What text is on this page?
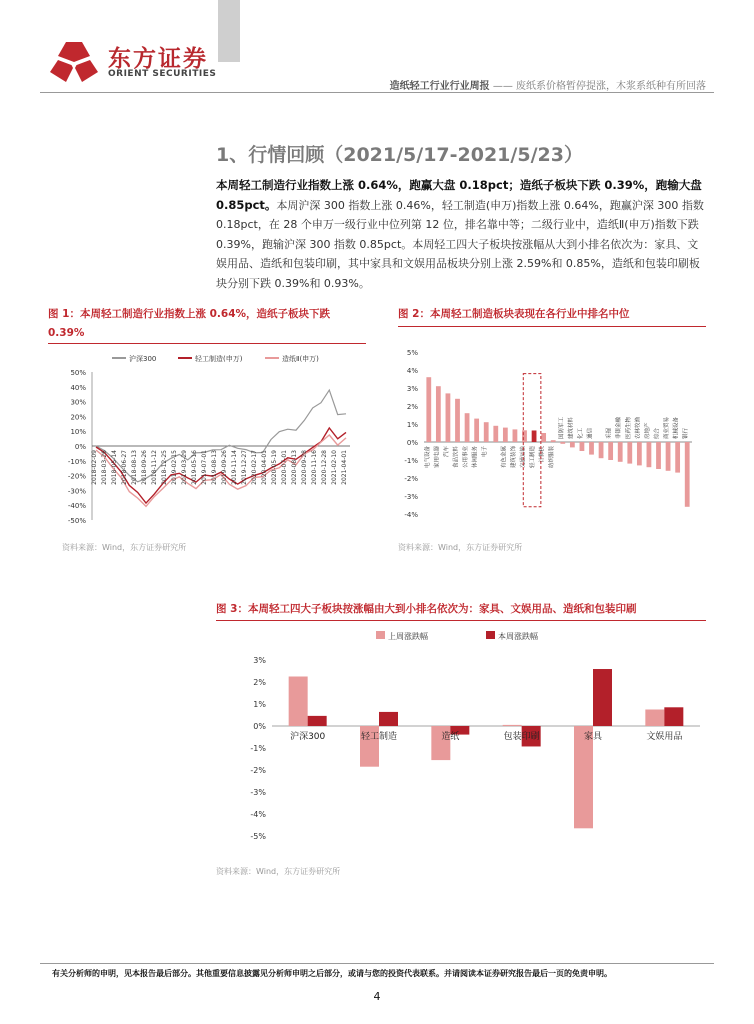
东方证券
ORIENT SECURITIES
造纸轻工行业行业周报 —— 废纸系价格暂停提涨，木浆系纸种有所回落
1、行情回顾（2021/5/17-2021/5/23）
本周轻工制造行业指数上涨 0.64%，跑赢大盘 0.18pct；造纸子板块下跌 0.39%，跑输大盘 0.85pct。本周沪深 300 指数上涨 0.46%，轻工制造(申万)指数上涨 0.64%，跑赢沪深 300 指数 0.18pct，在 28 个申万一级行业中位列第 12 位，排名靠中等；二级行业中，造纸Ⅱ(申万)指数下跌 0.39%，跑输沪深 300 指数 0.85pct。本周轻工四大子板块按涨幅从大到小排名依次为：家具、文娱用品、造纸和包装印刷，其中家具和文娱用品板块分别上涨 2.59%和 0.85%，造纸和包装印刷板块分别下跌 0.39%和 0.93%。
图 1：本周轻工制造行业指数上涨 0.64%，造纸子板块下跌 0.39%
沪深300	轻工制造(申万)	造纸Ⅱ(申万)
50%
40%
30%
20%
10%
0%
-10%
-20%
-30%
-40%
-50%
2018-02-09 2018-03-26 2018-05-14 2018-06-27 2018-08-13 2018-09-26 2018-11-12 2018-12-25 2019-02-15 2019-03-29 2019-05-16 2019-07-01 2019-08-13 2019-09-26 2019-11-14 2019-12-27 2020-02-17 2020-04-01 2020-05-19 2020-07-01 2020-08-13 2020-09-28 2020-11-16 2020-12-28 2021-02-10 2021-04-01
资料来源：Wind，东方证券研究所
图 2：本周轻工制造板块表现在各行业中排名中位
5%
4%
3%
2%
1%
0%
-1%
-2%
-3%
-4%
电气设备 家用电器 汽车 食品饮料 公用事业 休闲服务 电子	有色金属 建筑装饰 交通运输 轻工制造 计算机 纺织服装
国防军工 建筑材料 化工 通信	采掘 非银金融 医药生物 农林牧渔 房地产 综合 商业贸易 机械设备 银行
资料来源：Wind，东方证券研究所
图 3：本周轻工四大子板块按涨幅由大到小排名依次为：家具、文娱用品、造纸和包装印刷
上周涨跌幅	本周涨跌幅
3%
2%
1%
0%
-1%
-2%
-3%
-4%
-5%
沪深300	轻工制造	造纸	包装印刷	家具	文娱用品
资料来源：Wind，东方证券研究所
有关分析师的申明，见本报告最后部分。其他重要信息披露见分析师申明之后部分，或请与您的投资代表联系。并请阅读本证券研究报告最后一页的免责申明。
4
